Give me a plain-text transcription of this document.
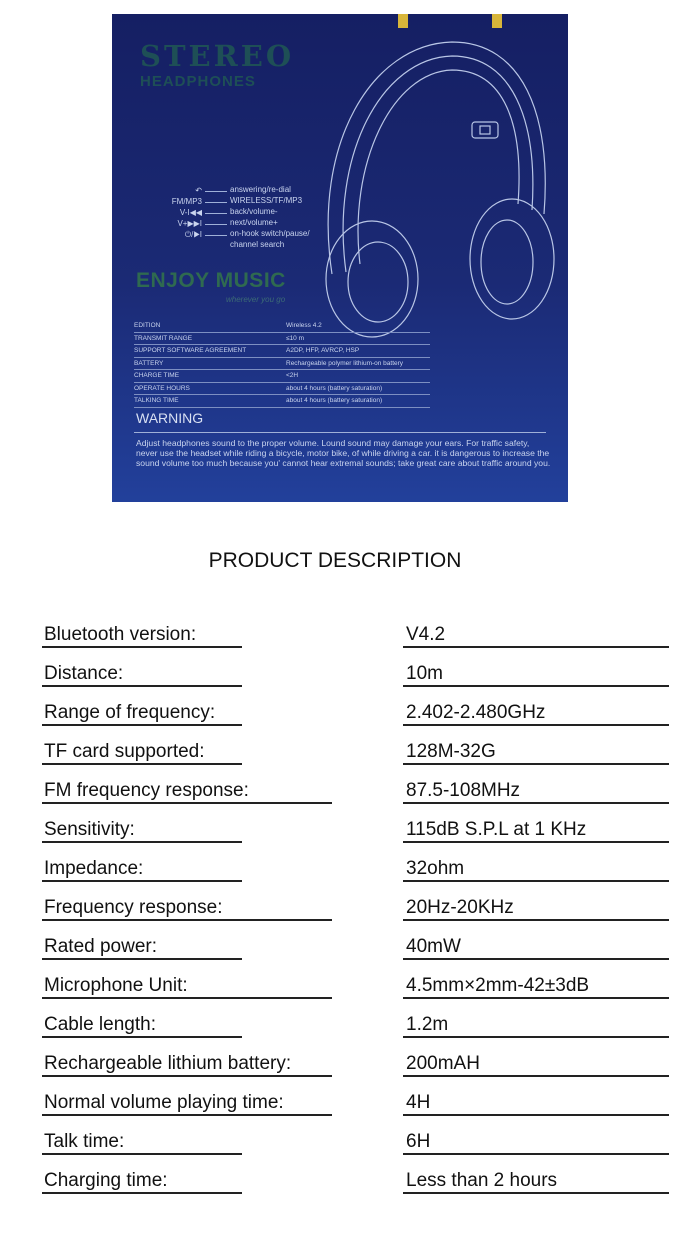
STEREO
HEADPHONES
↶	answering/re-dial
FM/MP3	WIRELESS/TF/MP3
V-I◀◀	back/volume-
V+▶▶I	next/volume+
⏻/▶I	on-hook switch/pause/
channel search
ENJOY MUSIC
wherever you go
EDITION	Wireless 4.2
TRANSMIT RANGE	≤10 m
SUPPORT SOFTWARE AGREEMENT	A2DP, HFP, AVRCP, HSP
BATTERY	Rechargeable polymer lithium-on battery
CHARGE TIME	<2H
OPERATE HOURS	about 4 hours (battery saturation)
TALKING TIME	about 4 hours (battery saturation)
WARNING
Adjust headphones sound to the proper volume. Lound sound may damage your ears. For traffic safety, never use the headset while riding a bicycle, motor bike, of while driving a car. it is dangerous to increase the sound volume too much because you' cannot hear extremal sounds; take great care about traffic around you.
PRODUCT DESCRIPTION
Bluetooth version:	V4.2
Distance:	10m
Range of frequency:	2.402-2.480GHz
TF card supported:	128M-32G
FM frequency response:	87.5-108MHz
Sensitivity:	115dB S.P.L at 1 KHz
Impedance:	32ohm
Frequency response:	20Hz-20KHz
Rated power:	40mW
Microphone Unit:	4.5mm×2mm-42±3dB
Cable length:	1.2m
Rechargeable lithium battery:	200mAH
Normal volume playing time:	4H
Talk time:	6H
Charging time:	Less than 2 hours
